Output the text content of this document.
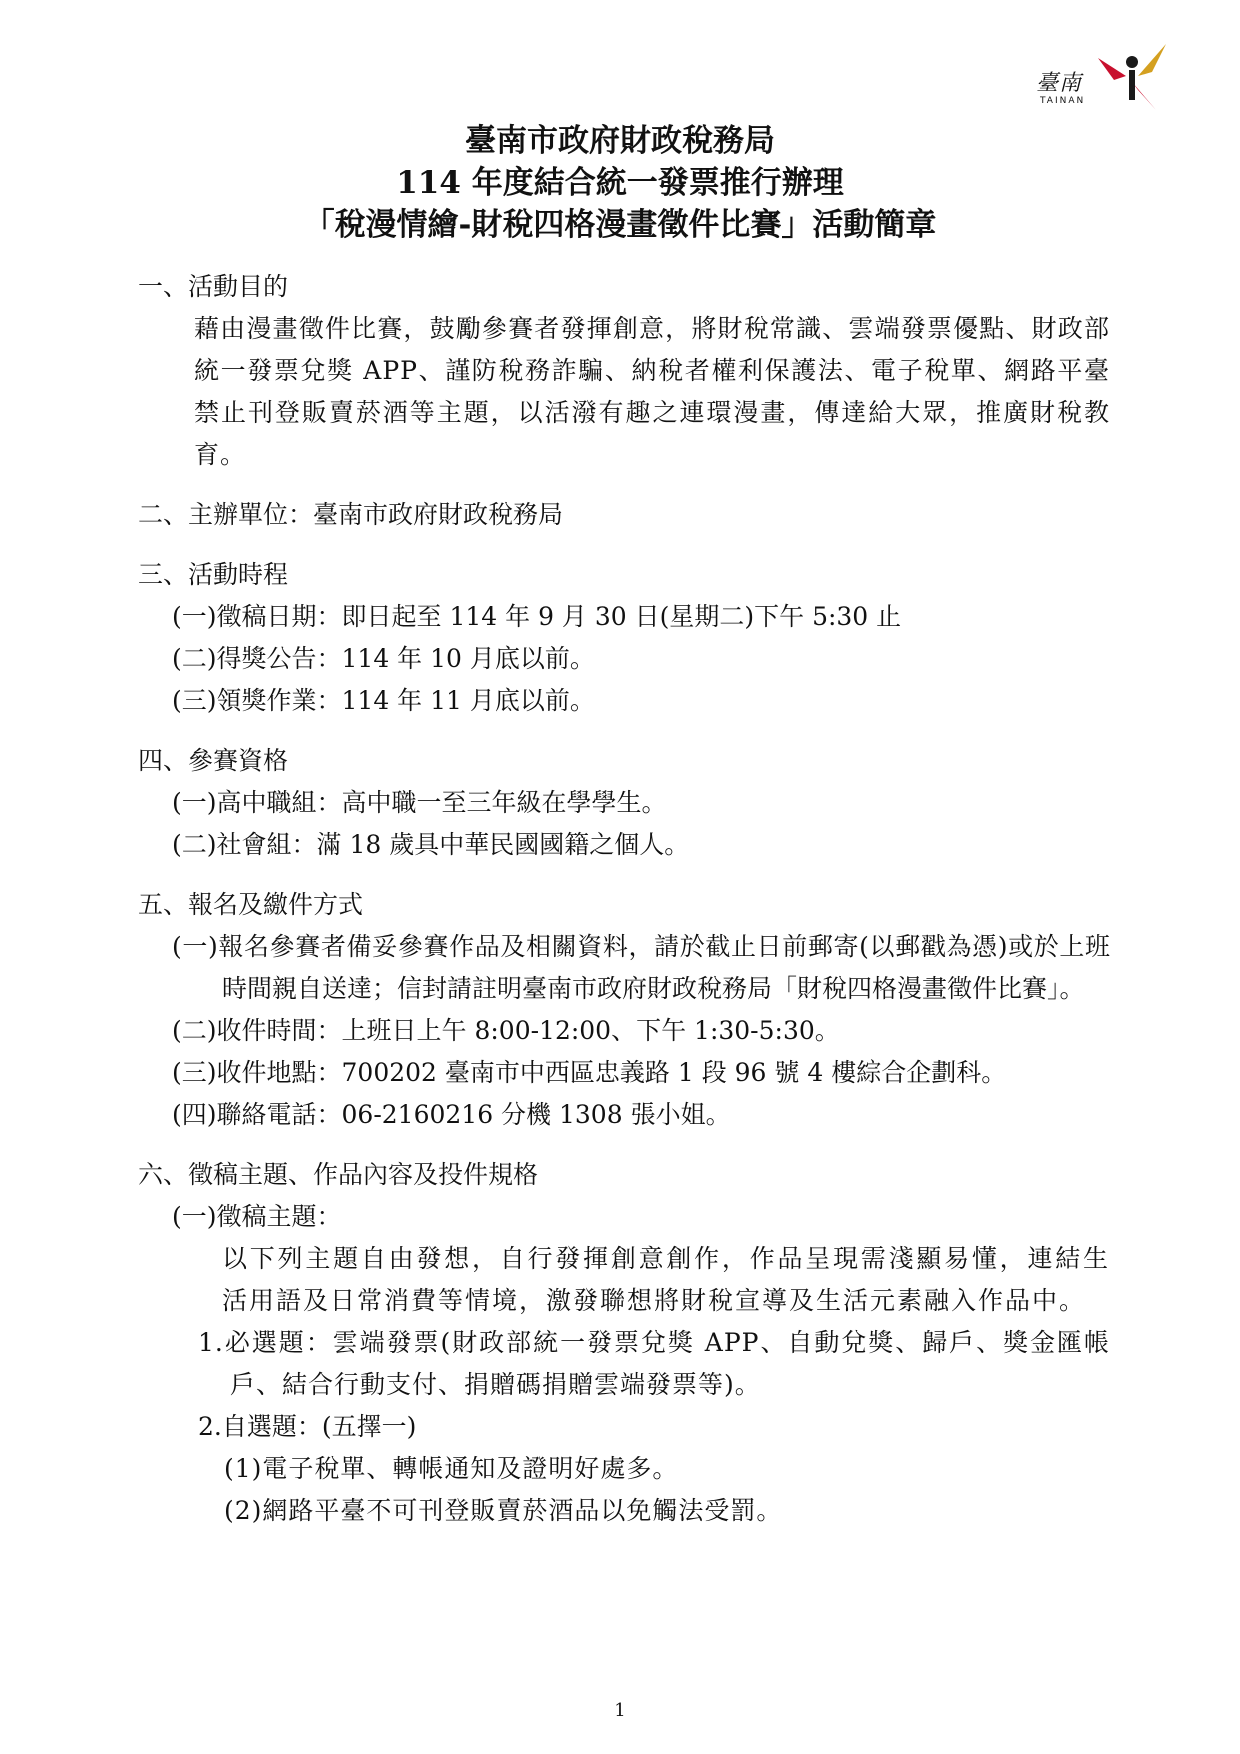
臺南
TAINAN
臺南市政府財政稅務局
114 年度結合統一發票推行辦理
「稅漫情繪-財稅四格漫畫徵件比賽」活動簡章
一、活動目的
藉由漫畫徵件比賽，鼓勵參賽者發揮創意，將財稅常識、雲端發票優點、財政部統一發票兌獎 APP、謹防稅務詐騙、納稅者權利保護法、電子稅單、網路平臺禁止刊登販賣菸酒等主題，以活潑有趣之連環漫畫，傳達給大眾，推廣財稅教育。
二、主辦單位：臺南市政府財政稅務局
三、活動時程
(一)徵稿日期：即日起至 114 年 9 月 30 日(星期二)下午 5:30 止
(二)得獎公告：114 年 10 月底以前。
(三)領獎作業：114 年 11 月底以前。
四、參賽資格
(一)高中職組：高中職一至三年級在學學生。
(二)社會組：滿 18 歲具中華民國國籍之個人。
五、報名及繳件方式
(一)報名參賽者備妥參賽作品及相關資料，請於截止日前郵寄(以郵戳為憑)或於上班時間親自送達；信封請註明臺南市政府財政稅務局「財稅四格漫畫徵件比賽」。
(二)收件時間：上班日上午 8:00-12:00、下午 1:30-5:30。
(三)收件地點：700202 臺南市中西區忠義路 1 段 96 號 4 樓綜合企劃科。
(四)聯絡電話：06-2160216 分機 1308 張小姐。
六、徵稿主題、作品內容及投件規格
(一)徵稿主題：
以下列主題自由發想，自行發揮創意創作，作品呈現需淺顯易懂，連結生活用語及日常消費等情境，激發聯想將財稅宣導及生活元素融入作品中。
1.必選題：雲端發票(財政部統一發票兌獎 APP、自動兌獎、歸戶、獎金匯帳戶、結合行動支付、捐贈碼捐贈雲端發票等)。
2.自選題：(五擇一)
(1)電子稅單、轉帳通知及證明好處多。
(2)網路平臺不可刊登販賣菸酒品以免觸法受罰。
1
